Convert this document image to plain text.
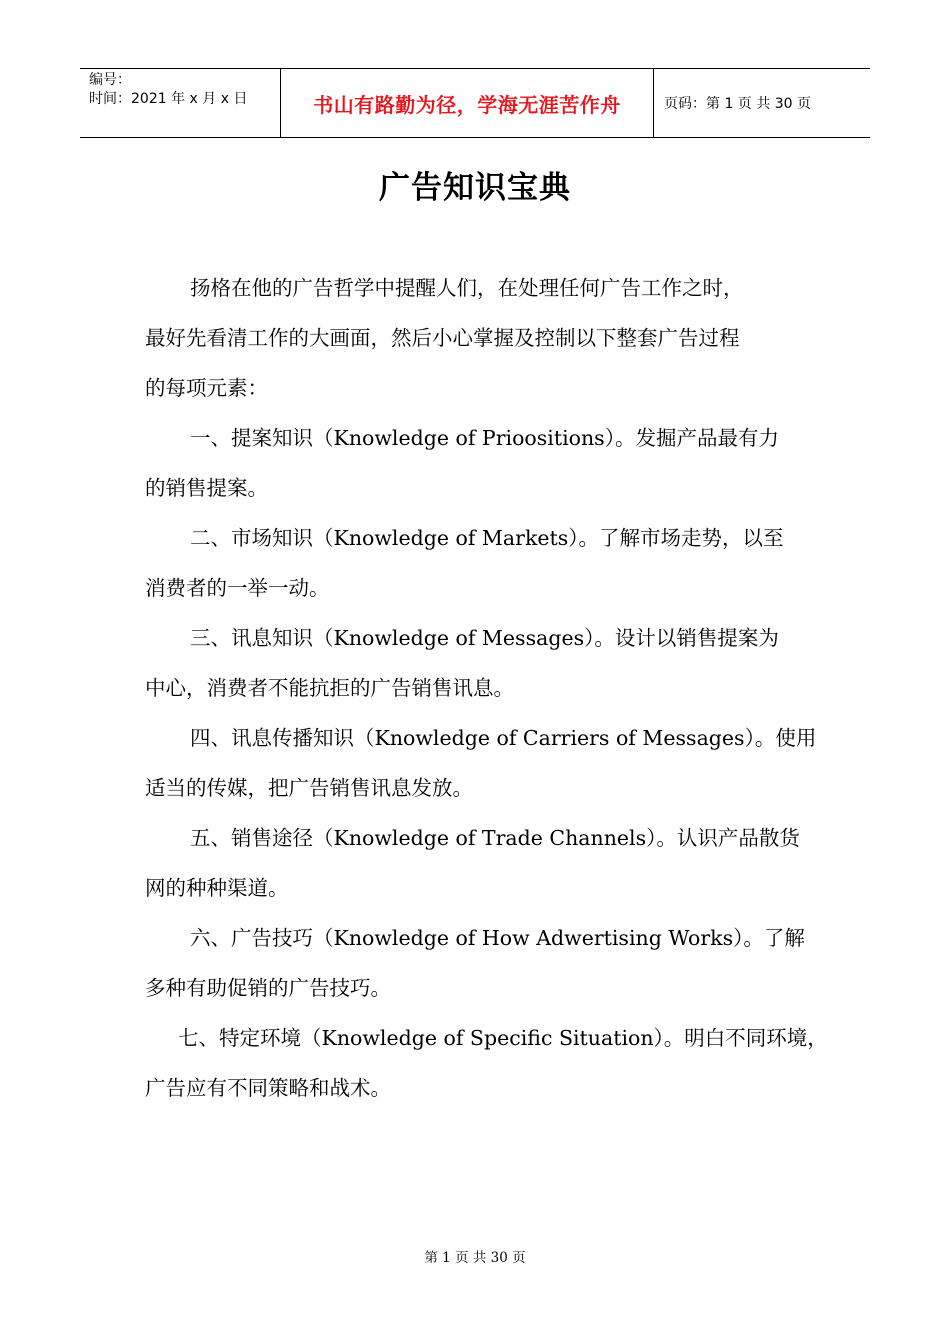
编号：
时间：2021 年 x 月 x 日	书山有路勤为径，学海无涯苦作舟	页码：第 1 页 共 30 页
广告知识宝典

扬格在他的广告哲学中提醒人们，在处理任何广告工作之时，
最好先看清工作的大画面，然后小心掌握及控制以下整套广告过程
的每项元素：

一、提案知识（Knowledge of Prioositions）。发掘产品最有力
的销售提案。

二、市场知识（Knowledge of Markets）。了解市场走势，以至
消费者的一举一动。

三、讯息知识（Knowledge of Messages）。设计以销售提案为
中心，消费者不能抗拒的广告销售讯息。

四、讯息传播知识（Knowledge of Carriers of Messages）。使用
适当的传媒，把广告销售讯息发放。

五、销售途径（Knowledge of Trade Channels）。认识产品散货
网的种种渠道。

六、广告技巧（Knowledge of How Adwertising Works）。了解
多种有助促销的广告技巧。

七、特定环境（Knowledge of Specific Situation）。明白不同环境，
广告应有不同策略和战术。

第 1 页 共 30 页
